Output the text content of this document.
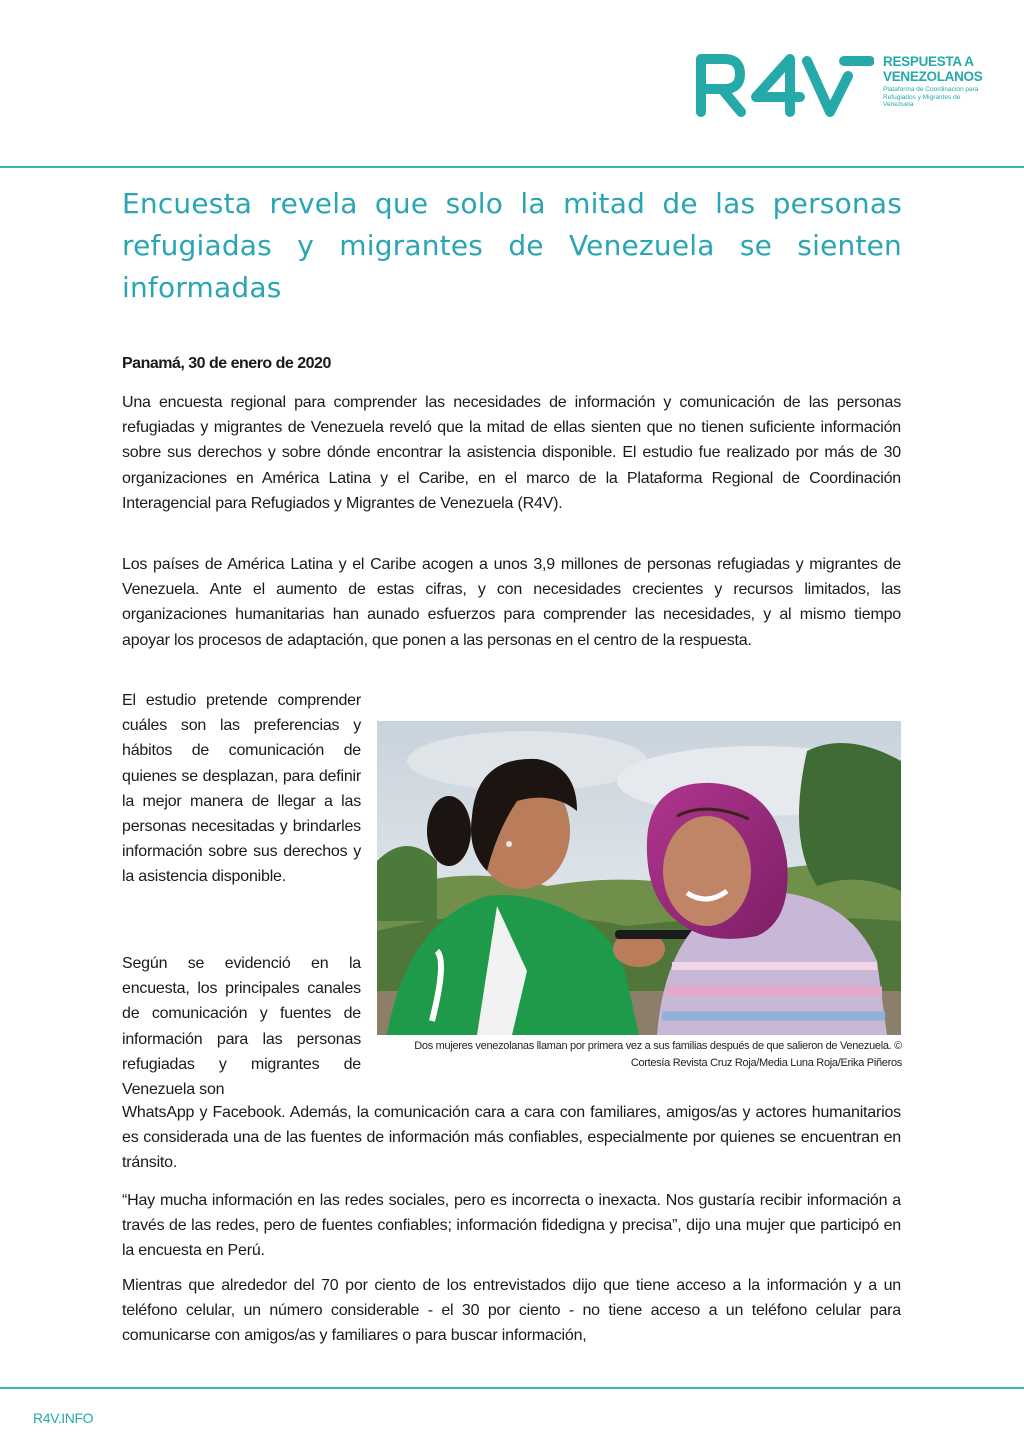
RESPUESTA A
VENEZOLANOS
Plataforma de Coordinación para Refugiados y Migrantes de Venezuela
Encuesta revela que solo la mitad de las personas refugiadas y migrantes de Venezuela se sienten informadas

Panamá, 30 de enero de 2020

Una encuesta regional para comprender las necesidades de información y comunicación de las personas refugiadas y migrantes de Venezuela reveló que la mitad de ellas sienten que no tienen suficiente información sobre sus derechos y sobre dónde encontrar la asistencia disponible. El estudio fue realizado por más de 30 organizaciones en América Latina y el Caribe, en el marco de la Plataforma Regional de Coordinación Interagencial para Refugiados y Migrantes de Venezuela (R4V).

Los países de América Latina y el Caribe acogen a unos 3,9 millones de personas refugiadas y migrantes de Venezuela. Ante el aumento de estas cifras, y con necesidades crecientes y recursos limitados, las organizaciones humanitarias han aunado esfuerzos para comprender las necesidades, y al mismo tiempo apoyar los procesos de adaptación, que ponen a las personas en el centro de la respuesta.

El estudio pretende comprender cuáles son las preferencias y hábitos de comunicación de quienes se desplazan, para definir la mejor manera de llegar a las personas necesitadas y brindarles información sobre sus derechos y la asistencia disponible.

Según se evidenció en la encuesta, los principales canales de comunicación y fuentes de información para las personas refugiadas y migrantes de Venezuela son

Dos mujeres venezolanas llaman por primera vez a sus familias después de que salieron de Venezuela. © Cortesía Revista Cruz Roja/Media Luna Roja/Erika Piñeros

WhatsApp y Facebook. Además, la comunicación cara a cara con familiares, amigos/as y actores humanitarios es considerada una de las fuentes de información más confiables, especialmente por quienes se encuentran en tránsito.

“Hay mucha información en las redes sociales, pero es incorrecta o inexacta. Nos gustaría recibir información a través de las redes, pero de fuentes confiables; información fidedigna y precisa”, dijo una mujer que participó en la encuesta en Perú.

Mientras que alrededor del 70 por ciento de los entrevistados dijo que tiene acceso a la información y a un teléfono celular, un número considerable - el 30 por ciento - no tiene acceso a un teléfono celular para comunicarse con amigos/as y familiares o para buscar información,

R4V.INFO
